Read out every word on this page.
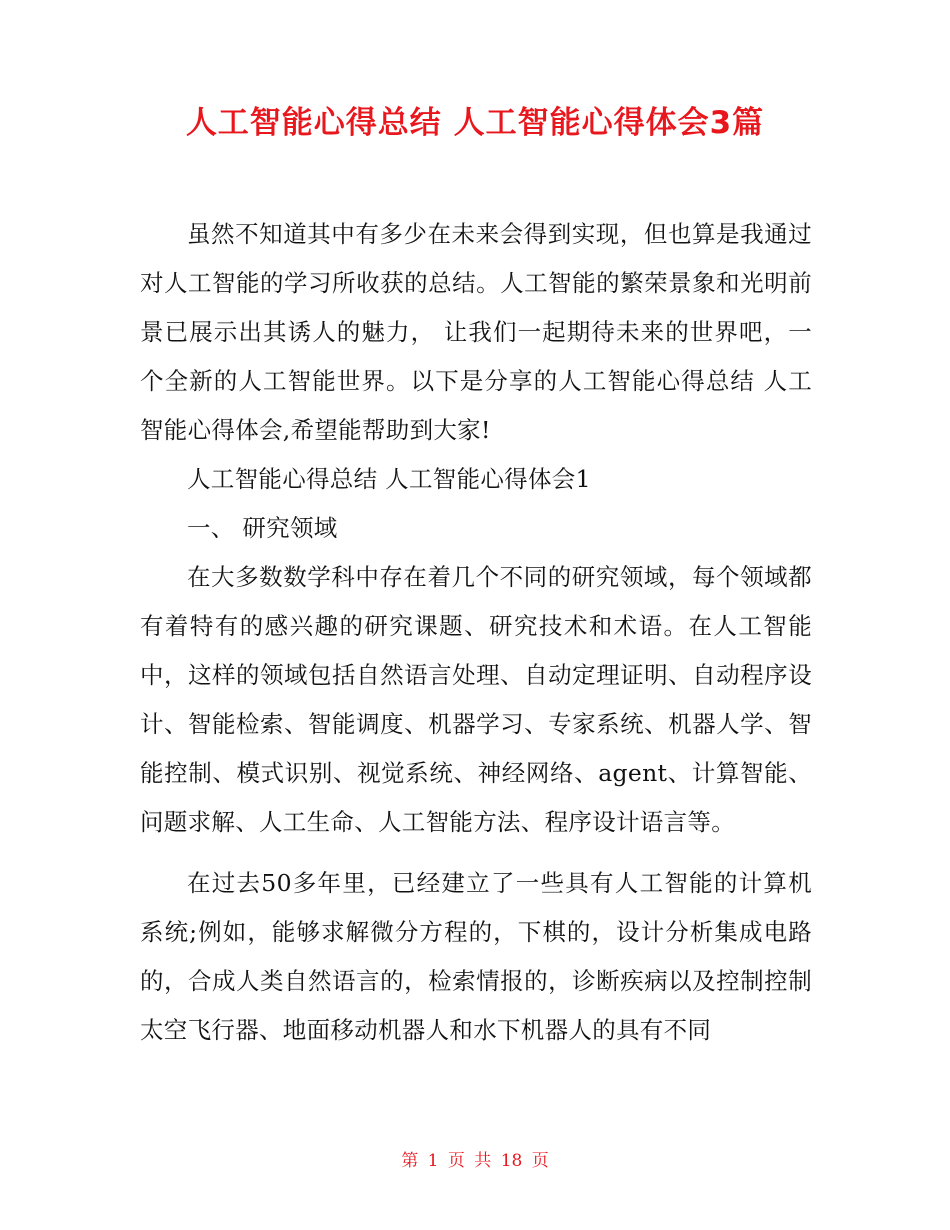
人工智能心得总结 人工智能心得体会3篇

虽然不知道其中有多少在未来会得到实现，但也算是我通过对人工智能的学习所收获的总结。人工智能的繁荣景象和光明前景已展示出其诱人的魅力， 让我们一起期待未来的世界吧，一个全新的人工智能世界。以下是分享的人工智能心得总结 人工智能心得体会,希望能帮助到大家!

人工智能心得总结 人工智能心得体会1

一、 研究领域

在大多数数学科中存在着几个不同的研究领域，每个领域都有着特有的感兴趣的研究课题、研究技术和术语。在人工智能中，这样的领域包括自然语言处理、自动定理证明、自动程序设计、智能检索、智能调度、机器学习、专家系统、机器人学、智能控制、模式识别、视觉系统、神经网络、agent、计算智能、问题求解、人工生命、人工智能方法、程序设计语言等。

在过去50多年里，已经建立了一些具有人工智能的计算机系统;例如，能够求解微分方程的，下棋的，设计分析集成电路的，合成人类自然语言的，检索情报的，诊断疾病以及控制控制太空飞行器、地面移动机器人和水下机器人的具有不同

第 1 页 共 18 页
